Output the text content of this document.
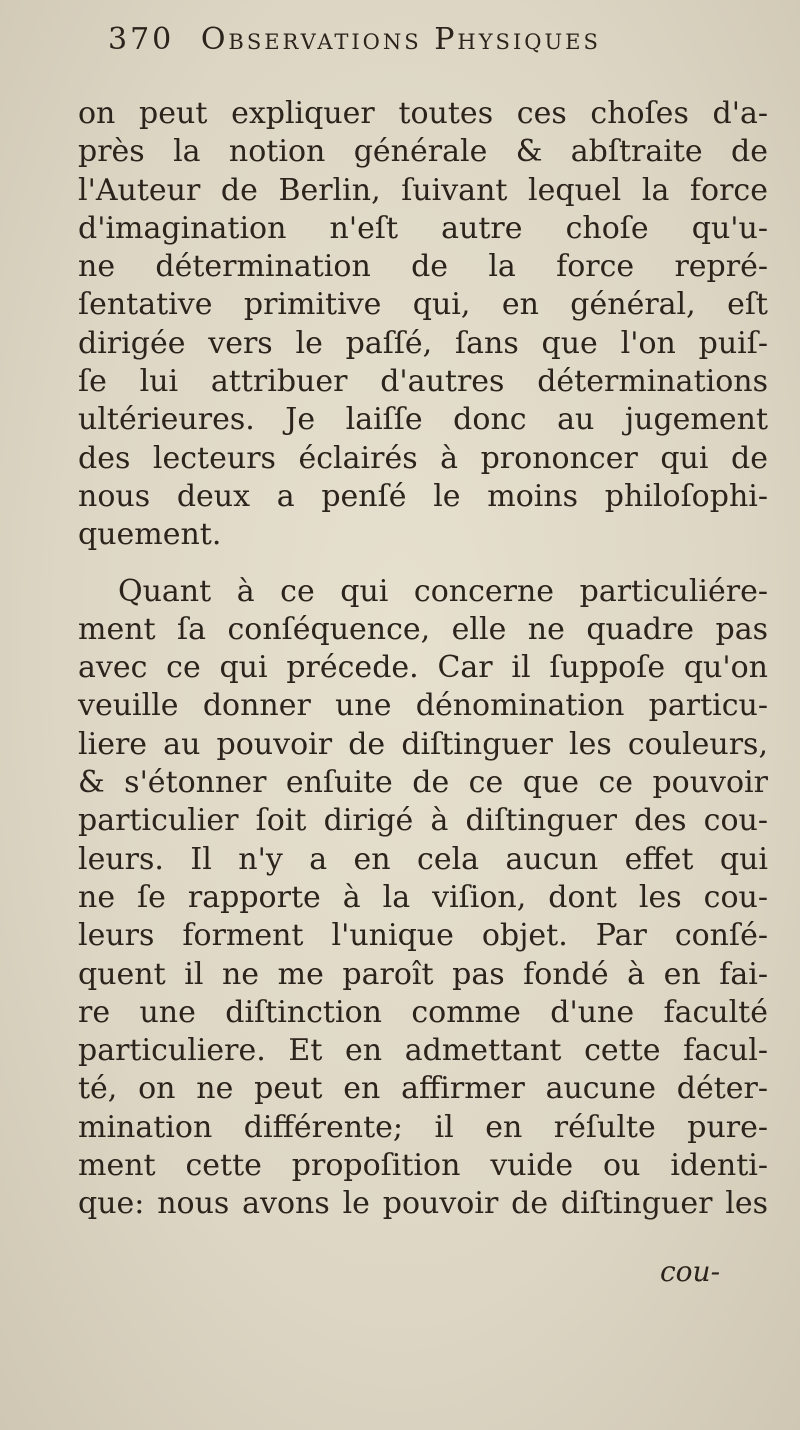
370 Observations Physiques
on peut expliquer toutes ces choſes d'a-
près la notion générale & abſtraite de
l'Auteur de Berlin, ſuivant lequel la force
d'imagination n'eſt autre choſe qu'u-
ne détermination de la force repré-
ſentative primitive qui, en général, eſt
dirigée vers le paſſé, ſans que l'on puiſ-
ſe lui attribuer d'autres déterminations
ultérieures. Je laiſſe donc au jugement
des lecteurs éclairés à prononcer qui de
nous deux a penſé le moins philoſophi-
quement.
Quant à ce qui concerne particuliére-
ment ſa conſéquence, elle ne quadre pas
avec ce qui précede. Car il ſuppoſe qu'on
veuille donner une dénomination particu-
liere au pouvoir de diſtinguer les couleurs,
& s'étonner enſuite de ce que ce pouvoir
particulier ſoit dirigé à diſtinguer des cou-
leurs. Il n'y a en cela aucun effet qui
ne ſe rapporte à la viſion, dont les cou-
leurs forment l'unique objet. Par conſé-
quent il ne me paroît pas fondé à en fai-
re une diſtinction comme d'une faculté
particuliere. Et en admettant cette facul-
té, on ne peut en affirmer aucune déter-
mination différente; il en réſulte pure-
ment cette propoſition vuide ou identi-
que: nous avons le pouvoir de diſtinguer les
cou-
